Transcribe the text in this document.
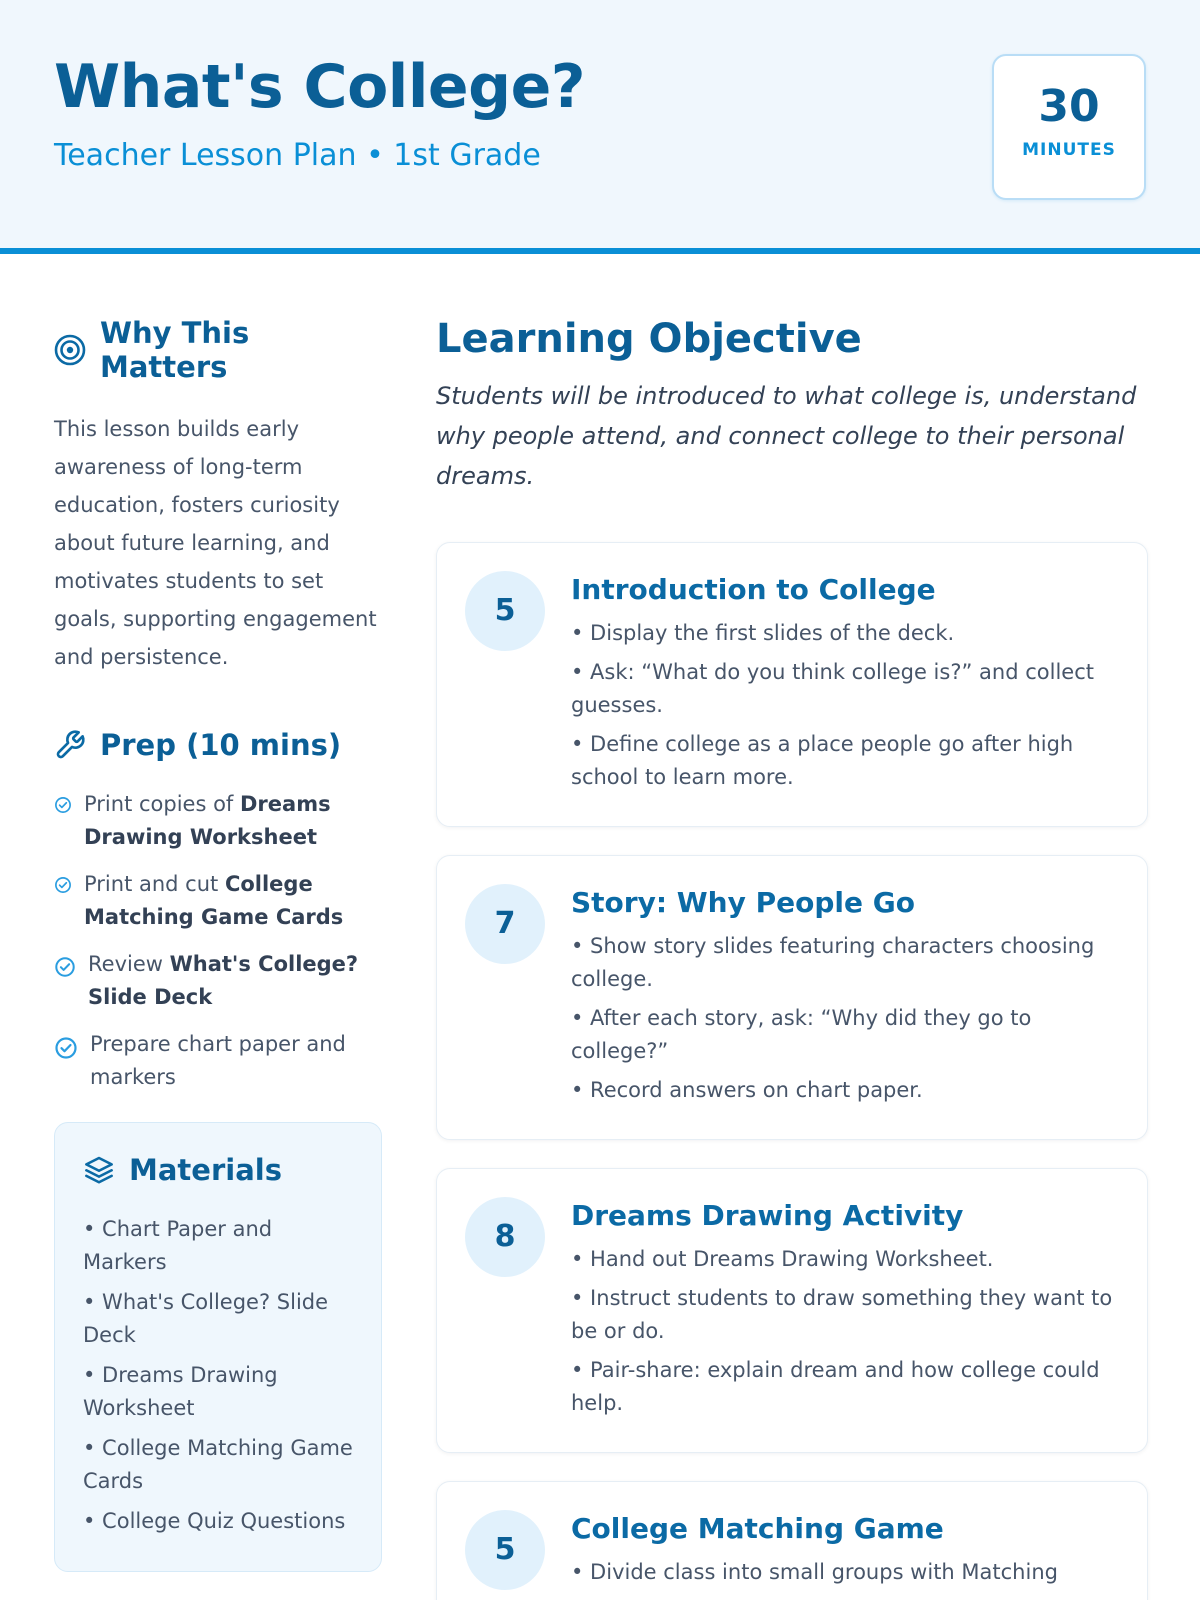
What's College?
Teacher Lesson Plan • 1st Grade
30
MINUTES
Why This Matters

This lesson builds early awareness of long-term education, fosters curiosity about future learning, and motivates students to set goals, supporting engagement and persistence.

Prep (10 mins)
Print copies of Dreams Drawing Worksheet
Print and cut College Matching Game Cards
Review What's College? Slide Deck
Prepare chart paper and markers
Materials
• Chart Paper and Markers
• What's College? Slide Deck
• Dreams Drawing Worksheet
• College Matching Game Cards
• College Quiz Questions
Learning Objective

Students will be introduced to what college is, understand why people attend, and connect college to their personal dreams.

5
Introduction to College
• Display the first slides of the deck.
• Ask: “What do you think college is?” and collect guesses.
• Define college as a place people go after high school to learn more.
7
Story: Why People Go
• Show story slides featuring characters choosing college.
• After each story, ask: “Why did they go to college?”
• Record answers on chart paper.
8
Dreams Drawing Activity
• Hand out Dreams Drawing Worksheet.
• Instruct students to draw something they want to be or do.
• Pair-share: explain dream and how college could help.
5
College Matching Game
• Divide class into small groups with Matching
